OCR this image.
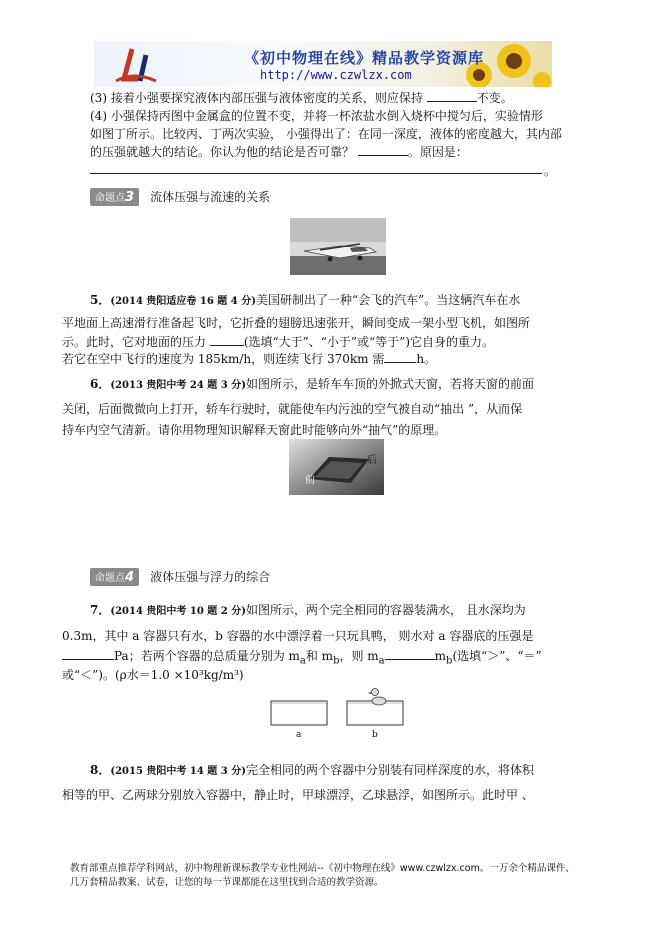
《初中物理在线》精品教学资源库
http://www.czwlzx.com
(3) 接着小强要探究液体内部压强与液体密度的关系，则应保持	不变。
(4) 小强保持丙图中金属盒的位置不变，并将一杯浓盐水倒入烧杯中搅匀后，实验情形
如图丁所示。比较丙、丁两次实验， 小强得出了：在同一深度，液体的密度越大，其内部
的压强就越大的结论。你认为他的结论是否可靠？	。原因是：
。
命题点3 流体压强与流速的关系
5．(2014 贵阳适应卷 16 题 4 分)美国研制出了一种“会飞的汽车”。当这辆汽车在水
平地面上高速滑行准备起飞时，它折叠的翅膀迅速张开，瞬间变成一架小型飞机，如图所
示。此时，它对地面的压力	(选填“大于”、“小于”或“等于”)它自身的重力。
若它在空中飞行的速度为 185km/h，则连续飞行 370km 需	h。
6．(2013 贵阳中考 24 题 3 分)如图所示，是轿车车顶的外掀式天窗，若将天窗的前面
关闭，后面微微向上打开，轿车行驶时，就能使车内污浊的空气被自动“抽出 ”，从而保
持车内空气清新。请你用物理知识解释天窗此时能够向外“抽气”的原理。
前
后
命题点4 液体压强与浮力的综合
7．(2014 贵阳中考 10 题 2 分)如图所示，两个完全相同的容器装满水， 且水深均为
0.3m，其中 a 容器只有水，b 容器的水中漂浮着一只玩具鸭， 则水对 a 容器底的压强是
Pa；若两个容器的总质量分别为 $m_a$和 $m_b$，则 $m_a$	$m_b$(选填“＞”、“＝”
或“＜”)。(ρ水＝1.0 ×10³kg/m³)
a	b
8．(2015 贵阳中考 14 题 3 分)完全相同的两个容器中分别装有同样深度的水，将体积
相等的甲、乙两球分别放入容器中，静止时，甲球漂浮，乙球悬浮，如图所示。此时甲 、
教育部重点推荐学科网站，初中物理新课标教学专业性网站--《初中物理在线》www.czwlzx.com。一万余个精品课件、
几万套精品教案、试卷，让您的每一节课都能在这里找到合适的教学资源。
